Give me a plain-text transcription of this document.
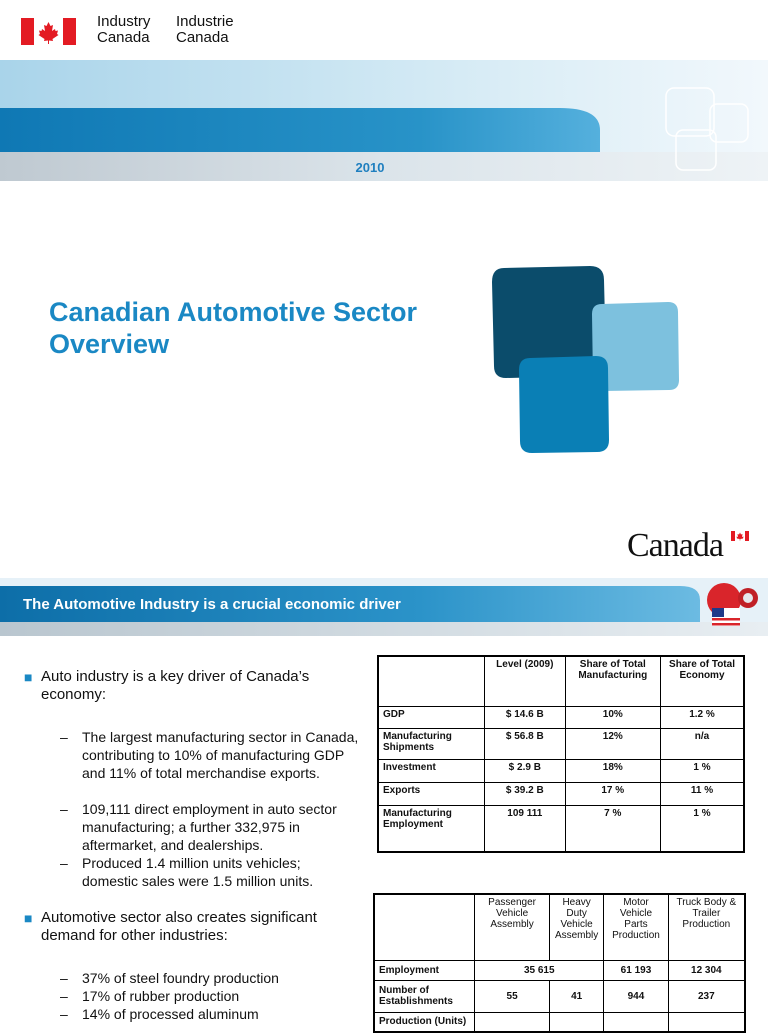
Industry
Canada
Industrie
Canada
2010
Canadian Automotive Sector
Overview
Canada
The Automotive Industry is a crucial economic driver
■ Auto industry is a key driver of Canada’s economy:
–	The largest manufacturing sector in Canada, contributing to 10% of manufacturing GDP and 11% of total merchandise exports.
–	109,111 direct employment in auto sector manufacturing; a further 332,975 in aftermarket, and dealerships.
–	Produced 1.4 million units vehicles; domestic sales were 1.5 million units.
■ Automotive sector also creates significant demand for other industries:
–	37% of steel foundry production
–	17% of rubber production
–	14% of processed aluminum
	Level (2009)	Share of Total Manufacturing	Share of Total Economy
GDP	$ 14.6 B	10%	1.2 %
Manufacturing Shipments	$ 56.8 B	12%	n/a
Investment	$ 2.9 B	18%	1 %
Exports	$ 39.2 B	17 %	11 %
Manufacturing Employment	109 111	7 %	1 %
	Passenger Vehicle Assembly	Heavy Duty Vehicle Assembly	Motor Vehicle Parts Production	Truck Body & Trailer Production
Employment	35 615		61 193	12 304
Number of Establishments	55	41	944	237
Production (Units)				
